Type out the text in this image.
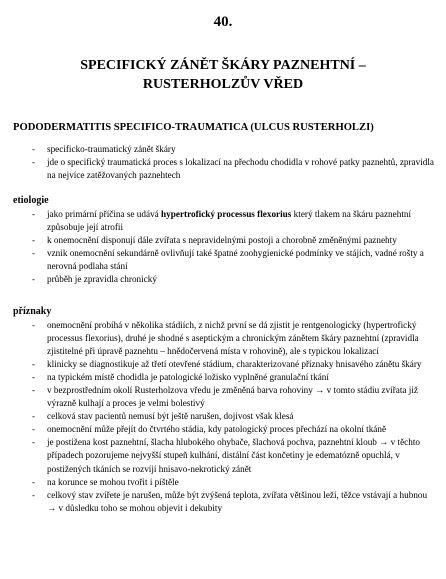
40.
SPECIFICKÝ ZÁNĚT ŠKÁRY PAZNEHTNÍ –
RUSTERHOLZŮV VŘED
PODODERMATITIS SPECIFICO-TRAUMATICA (ULCUS RUSTERHOLZI)
- specificko-traumatický zánět škáry
- jde o specifický traumatická proces s lokalizací na přechodu chodidla v rohové patky paznehtů, zpravidla na nejvíce zatěžovaných paznehtech
etiologie
- jako primární příčina se udává hypertrofický processus flexorius který tlakem na škáru paznehtní způsobuje její atrofii
- k onemocnění disponují dále zvířata s nepravidelnými postoji a chorobně změněnými paznehty
- vznik onemocnění sekundárně ovlivňují také špatné zoohygienické podmínky ve stájích, vadné rošty a nerovná podlaha stání
- průběh je zpravidla chronický
příznaky
- onemocnění probíhá v několika stádiích, z nichž první se dá zjistit je rentgenologicky (hypertrofický processus flexorius), druhé je shodné s aseptickým a chronickým zánětem škáry paznehtní (zpravidla zjistitelné při úpravě paznehtu – hnědočervená místa v rohovině), ale s typickou lokalizací
- klinicky se diagnostikuje až třetí otevřené stádium, charakterizované příznaky hnisavého zánětu škáry
- na typickém místě chodidla je patologické ložisko vyplněné granulační tkání
- v bezprostředním okolí Rusterholzova vředu je změněná barva rohoviny → v tomto stádiu zvířata již výrazně kulhají a proces je velmi bolestivý
- celková stav pacientů nemusí být ještě narušen, dojivost však klesá
- onemocnění může přejít do čtvrtého stádia, kdy patologický proces přechází na okolní tkáně
- je postižena kost paznehtní, šlacha hlubokého ohybače, šlachová pochva, paznehtní kloub → v těchto případech pozorujeme nejvyšší stupeň kulhání, distální část končetiny je edematózně opuchlá, v postižených tkáních se rozvíjí hnisavo-nekrotický zánět
- na korunce se mohou tvořit i píštěle
- celkový stav zvířete je narušen, může být zvýšená teplota, zvířata většinou leží, těžce vstávají a hubnou → v důsledku toho se mohou objevit i dekubity
